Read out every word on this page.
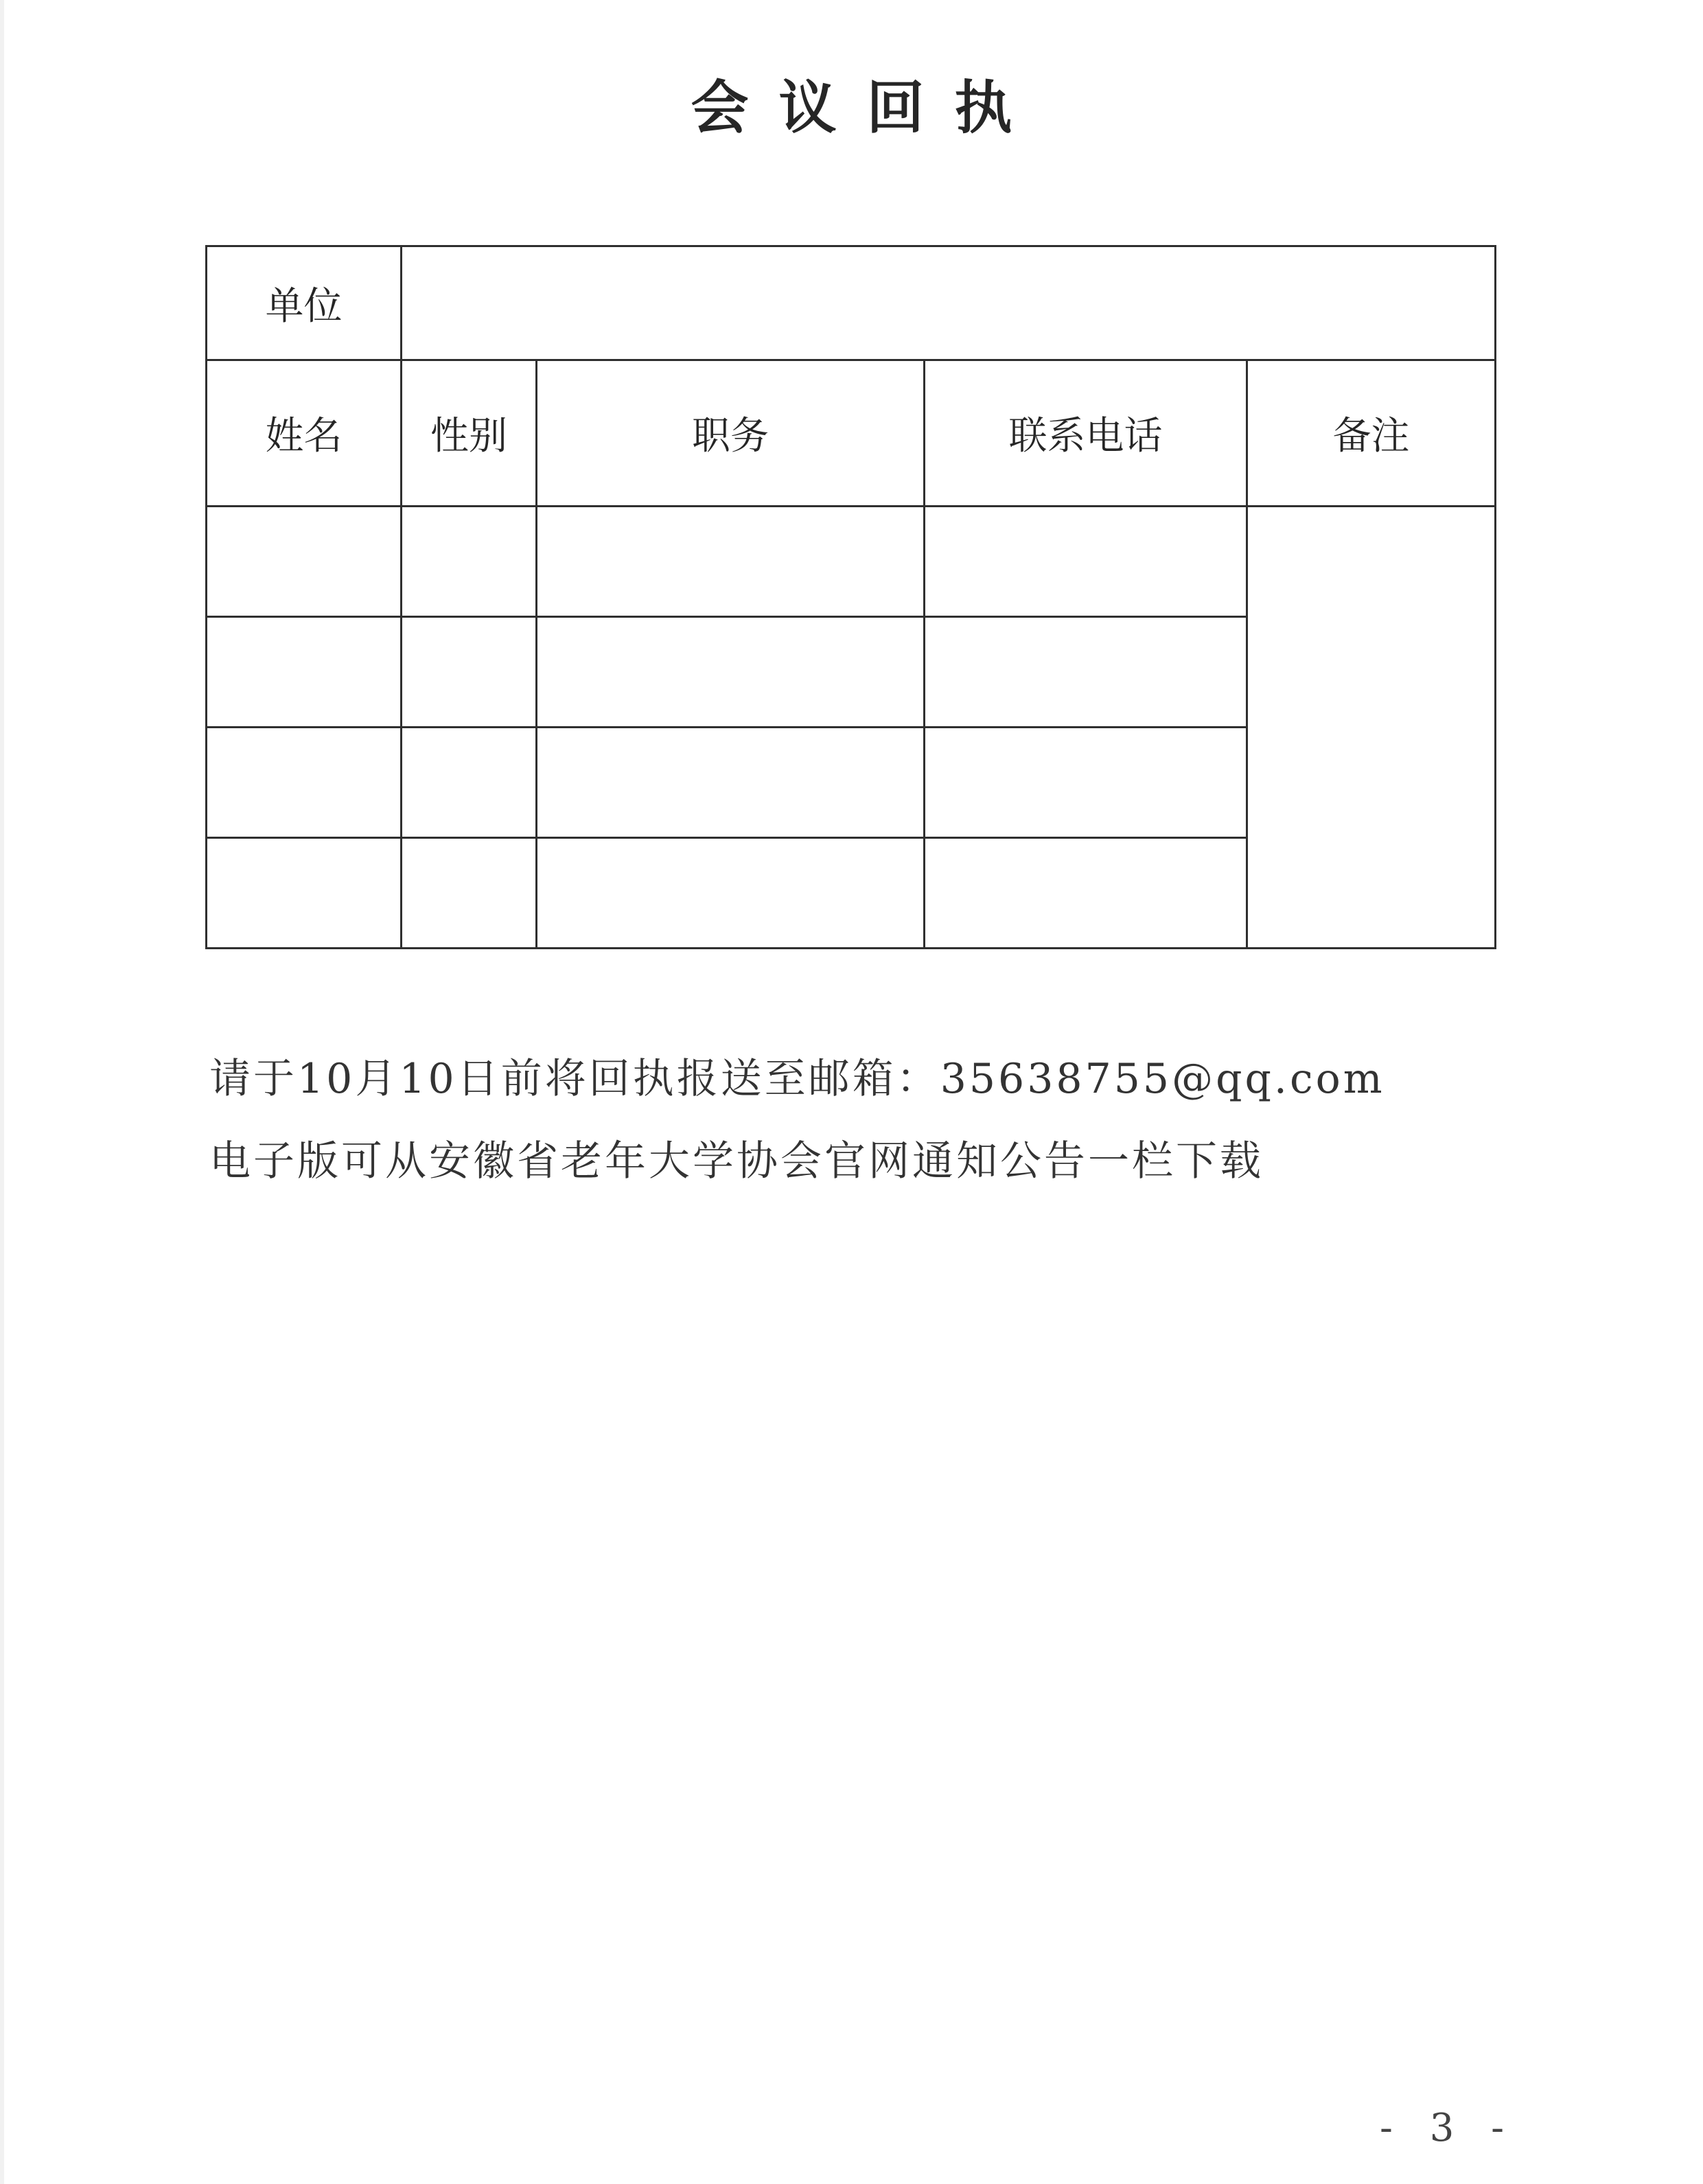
会议回执
单位				
姓名	性别	职务	联系电话	备注

请于10月10日前将回执报送至邮箱：35638755@qq.com
电子版可从安徽省老年大学协会官网通知公告一栏下载
- 3 -
